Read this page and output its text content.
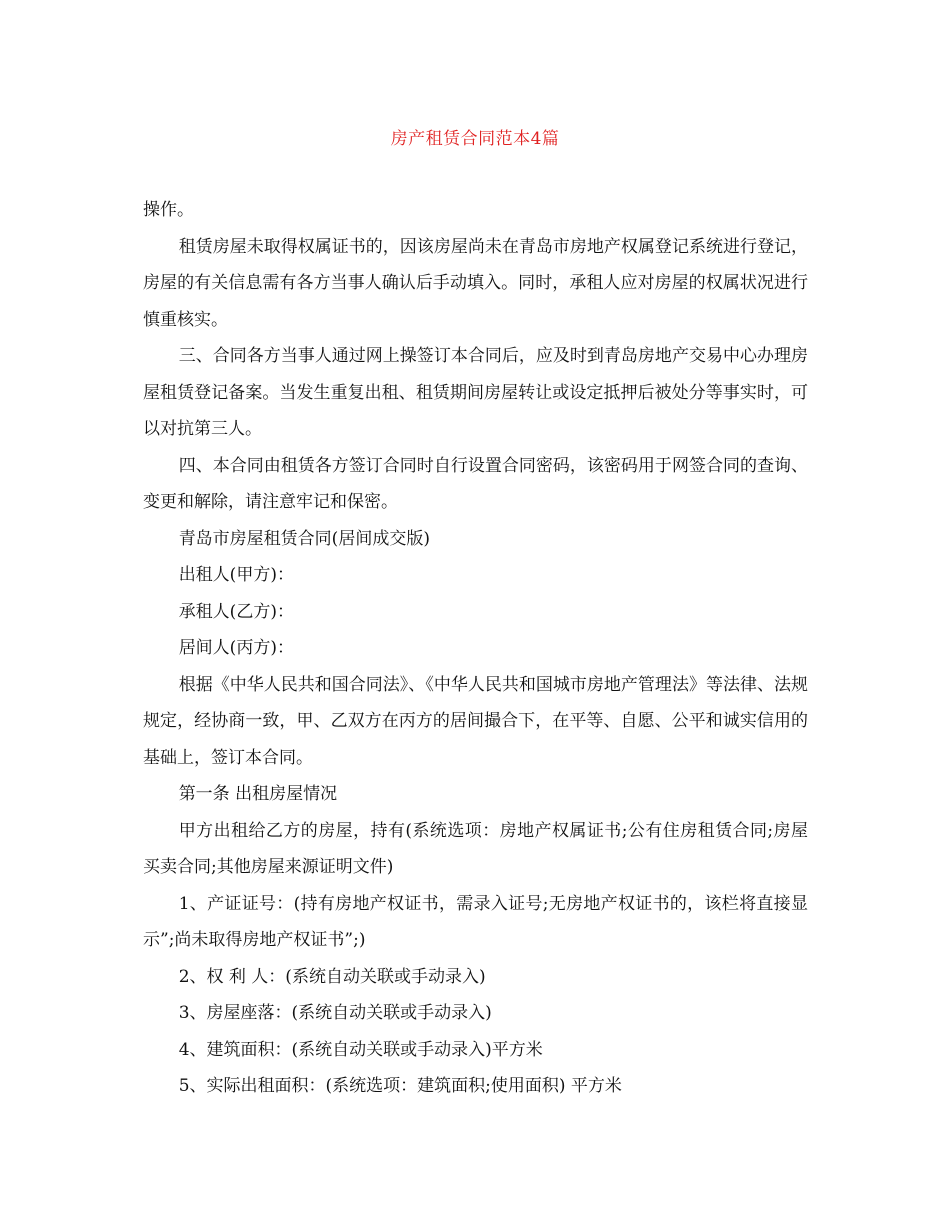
房产租赁合同范本4篇

操作。

租赁房屋未取得权属证书的，因该房屋尚未在青岛市房地产权属登记系统进行登记，房屋的有关信息需有各方当事人确认后手动填入。同时，承租人应对房屋的权属状况进行慎重核实。

三、合同各方当事人通过网上操签订本合同后，应及时到青岛房地产交易中心办理房屋租赁登记备案。当发生重复出租、租赁期间房屋转让或设定抵押后被处分等事实时，可以对抗第三人。

四、本合同由租赁各方签订合同时自行设置合同密码，该密码用于网签合同的查询、变更和解除，请注意牢记和保密。

青岛市房屋租赁合同(居间成交版)

出租人(甲方)：

承租人(乙方)：

居间人(丙方)：

根据《中华人民共和国合同法》、《中华人民共和国城市房地产管理法》等法律、法规规定，经协商一致，甲、乙双方在丙方的居间撮合下，在平等、自愿、公平和诚实信用的基础上，签订本合同。

第一条 出租房屋情况

甲方出租给乙方的房屋，持有(系统选项：房地产权属证书;公有住房租赁合同;房屋买卖合同;其他房屋来源证明文件)

1、产证证号：(持有房地产权证书，需录入证号;无房地产权证书的，该栏将直接显示”;尚未取得房地产权证书”;)

2、权 利 人：(系统自动关联或手动录入)

3、房屋座落：(系统自动关联或手动录入)

4、建筑面积：(系统自动关联或手动录入)平方米

5、实际出租面积：(系统选项：建筑面积;使用面积) 平方米
